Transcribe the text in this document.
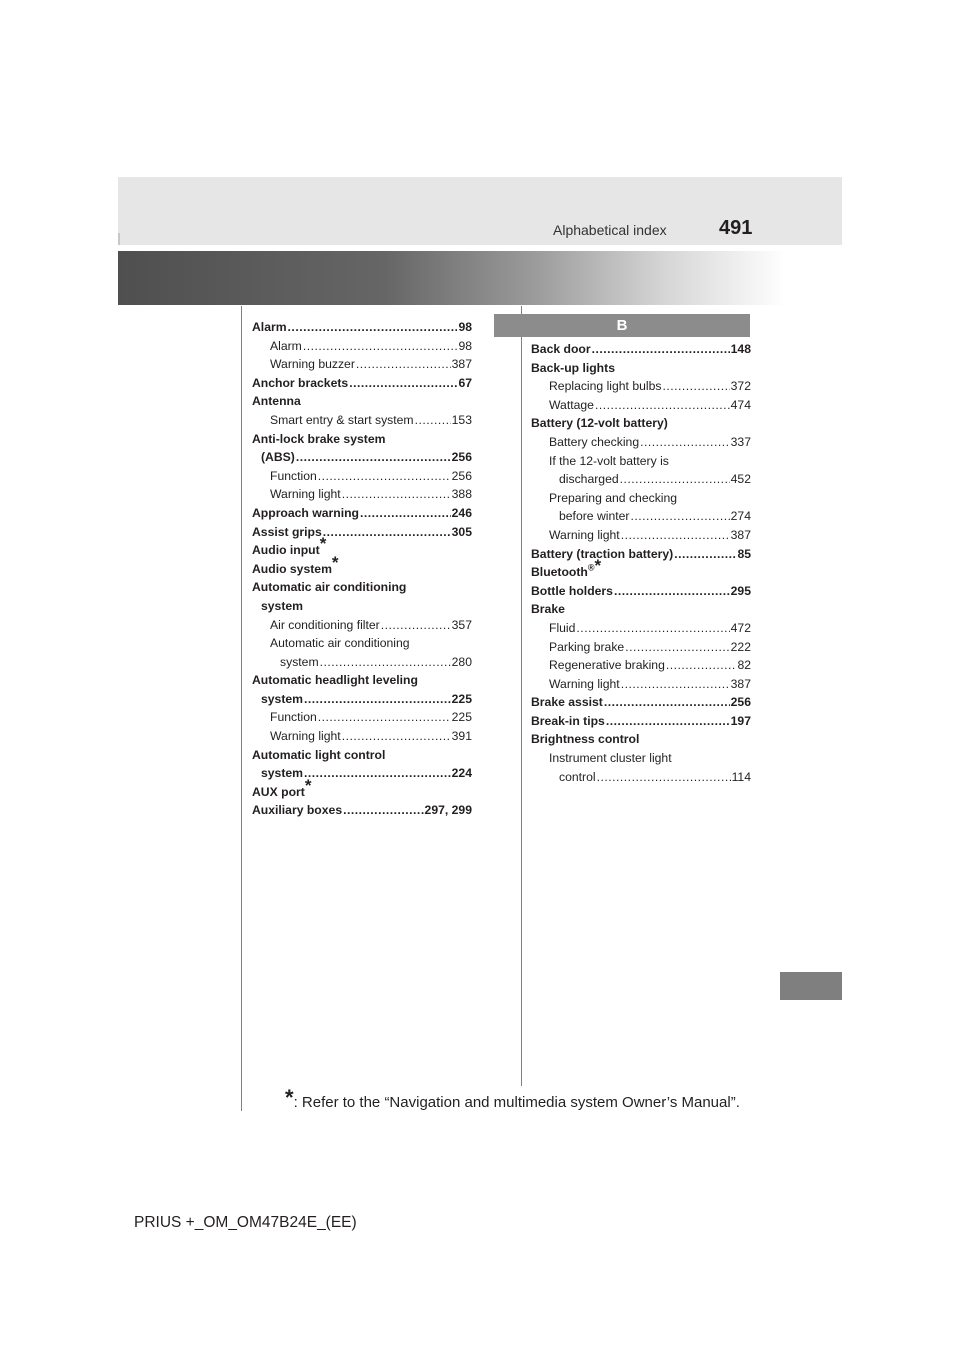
Alphabetical index	491
Alarm .....	98
Alarm .....	98
Warning buzzer .....	387
Anchor brackets .....	67
Antenna
Smart entry & start system .....	153
Anti-lock brake system
(ABS) .....	256
Function .....	256
Warning light .....	388
Approach warning .....	246
Assist grips .....	305
Audio input*
Audio system*
Automatic air conditioning
system
Air conditioning filter .....	357
Automatic air conditioning
system .....	280
Automatic headlight leveling
system .....	225
Function .....	225
Warning light .....	391
Automatic light control
system .....	224
AUX port*
Auxiliary boxes .....	297, 299
B
Back door .....	148
Back-up lights
Replacing light bulbs .....	372
Wattage .....	474
Battery (12-volt battery)
Battery checking .....	337
If the 12-volt battery is
discharged .....	452
Preparing and checking
before winter .....	274
Warning light .....	387
Battery (traction battery) .....	85
Bluetooth®*
Bottle holders .....	295
Brake
Fluid .....	472
Parking brake .....	222
Regenerative braking .....	82
Warning light .....	387
Brake assist .....	256
Break-in tips .....	197
Brightness control
Instrument cluster light
control .....	114
*: Refer to the “Navigation and multimedia system Owner’s Manual”.
PRIUS +_OM_OM47B24E_(EE)
